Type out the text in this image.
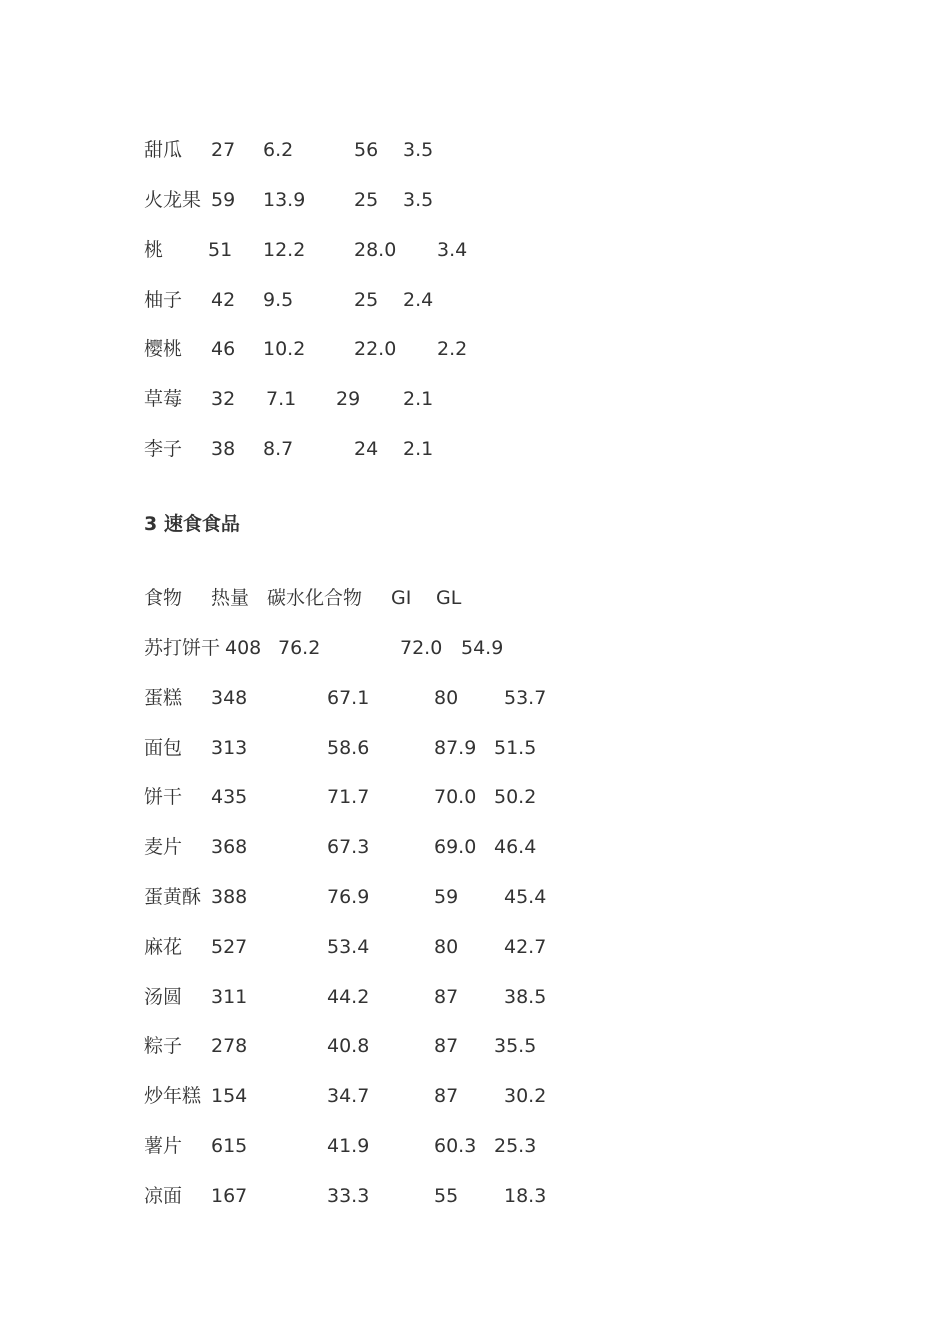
甜瓜 27 6.2	56 3.5
火龙果 59 13.9	25 3.5
桃 51 12.2	28.0 3.4
柚子 42 9.5	25 2.4
樱桃 46 10.2	22.0 2.2
草莓 32 7.1 29 2.1
李子 38 8.7	24 2.1
3 速食食品
食物 热量 碳水化合物 GI GL
苏打饼干 408 76.2	72.0 54.9
蛋糕 348	67.1	80 53.7
面包 313	58.6	87.9 51.5
饼干 435	71.7	70.0 50.2
麦片 368	67.3	69.0 46.4
蛋黄酥 388	76.9	59 45.4
麻花 527	53.4	80 42.7
汤圆 311	44.2	87 38.5
粽子 278	40.8	87 35.5
炒年糕 154	34.7	87 30.2
薯片 615	41.9	60.3 25.3
凉面 167	33.3	55 18.3
